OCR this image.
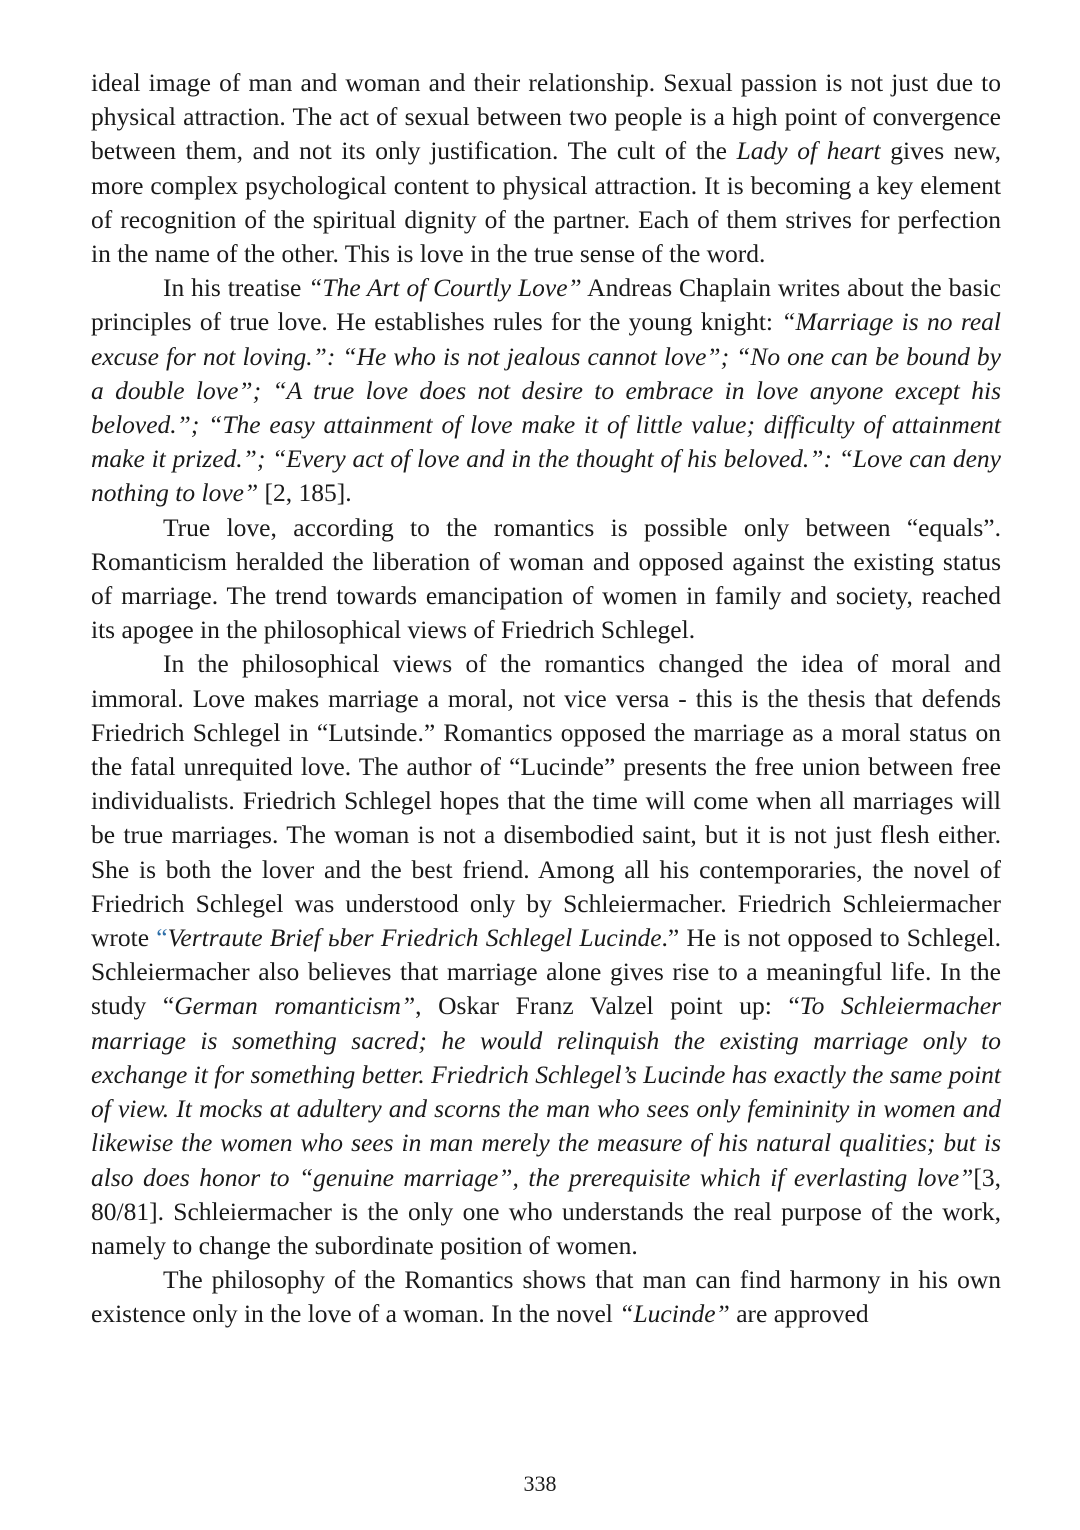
ideal image of man and woman and their relationship. Sexual passion is not just due to physical attraction. The act of sexual between two people is a high point of convergence between them, and not its only justification. The cult of the Lady of heart gives new, more complex psychological content to physical attraction. It is becoming a key element of recognition of the spiritual dignity of the partner. Each of them strives for perfection in the name of the other. This is love in the true sense of the word.

In his treatise “The Art of Courtly Love” Andreas Chaplain writes about the basic principles of true love. He establishes rules for the young knight: “Marriage is no real excuse for not loving.”: “He who is not jealous cannot love”; “No one can be bound by a double love”; “A true love does not desire to embrace in love anyone except his beloved.”; “The easy attainment of love make it of little value; difficulty of attainment make it prized.”; “Every act of love and in the thought of his beloved.”: “Love can deny nothing to love” [2, 185].

True love, according to the romantics is possible only between “equals”. Romanticism heralded the liberation of woman and opposed against the existing status of marriage. The trend towards emancipation of women in family and society, reached its apogee in the philosophical views of Friedrich Schlegel.

In the philosophical views of the romantics changed the idea of moral and immoral. Love makes marriage a moral, not vice versa - this is the thesis that defends Friedrich Schlegel in “Lutsinde.” Romantics opposed the marriage as a moral status on the fatal unrequited love. The author of “Lucinde” presents the free union between free individualists. Friedrich Schlegel hopes that the time will come when all marriages will be true marriages. The woman is not a disembodied saint, but it is not just flesh either. She is both the lover and the best friend. Among all his contemporaries, the novel of Friedrich Schlegel was understood only by Schleiermacher. Friedrich Schleiermacher wrote “Vertraute Brief ьber Friedrich Schlegel Lucinde.” He is not opposed to Schlegel. Schleiermacher also believes that marriage alone gives rise to a meaningful life. In the study “German romanticism”, Oskar Franz Valzel point up: “To Schleiermacher marriage is something sacred; he would relinquish the existing marriage only to exchange it for something better. Friedrich Schlegel’s Lucinde has exactly the same point of view. It mocks at adultery and scorns the man who sees only femininity in women and likewise the women who sees in man merely the measure of his natural qualities; but is also does honor to “genuine marriage”, the prerequisite which if everlasting love”[3, 80/81]. Schleiermacher is the only one who understands the real purpose of the work, namely to change the subordinate position of women.

The philosophy of the Romantics shows that man can find harmony in his own existence only in the love of a woman. In the novel “Lucinde” are approved

338
